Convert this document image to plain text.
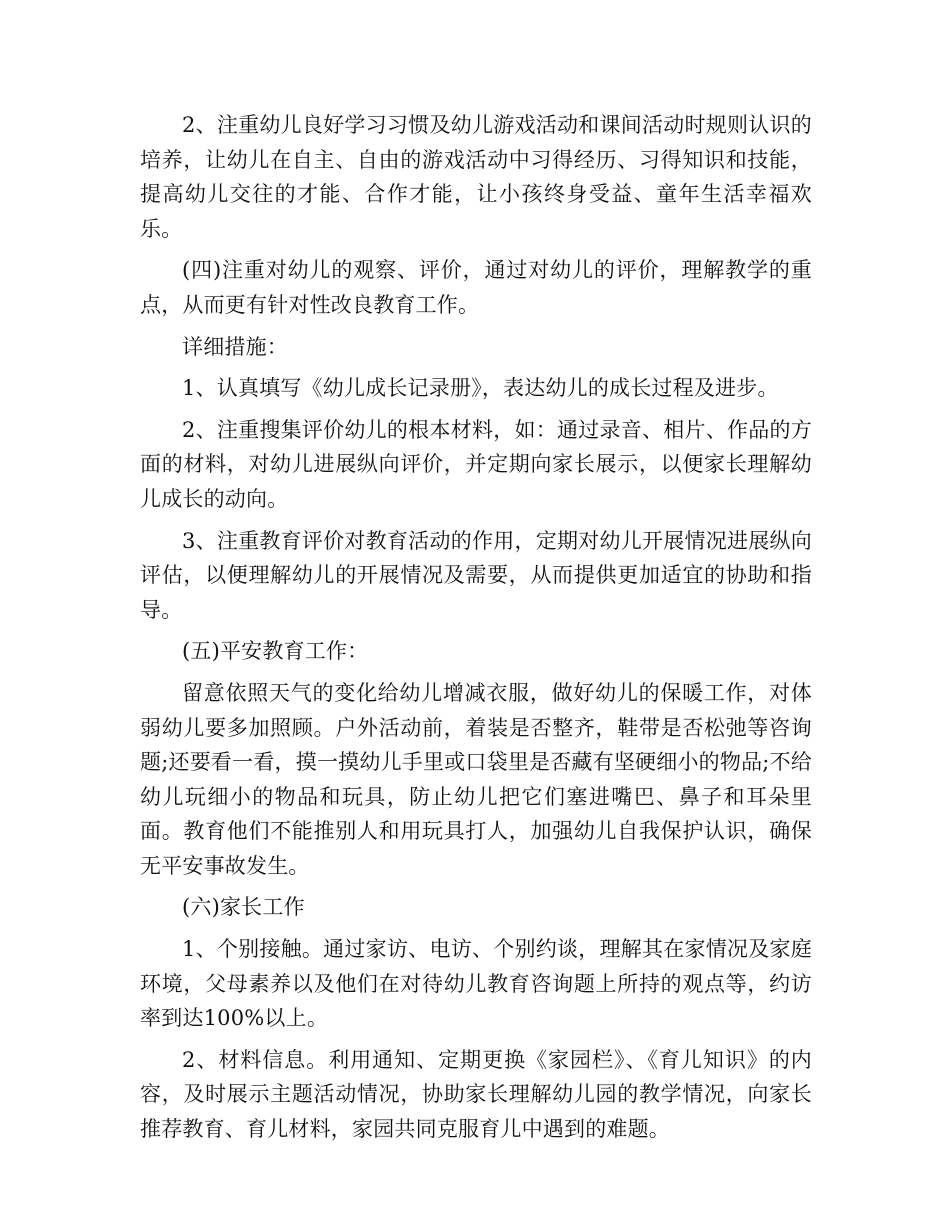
2、注重幼儿良好学习习惯及幼儿游戏活动和课间活动时规则认识的培养，让幼儿在自主、自由的游戏活动中习得经历、习得知识和技能，提高幼儿交往的才能、合作才能，让小孩终身受益、童年生活幸福欢乐。

(四)注重对幼儿的观察、评价，通过对幼儿的评价，理解教学的重点，从而更有针对性改良教育工作。

详细措施：

1、认真填写《幼儿成长记录册》，表达幼儿的成长过程及进步。

2、注重搜集评价幼儿的根本材料，如：通过录音、相片、作品的方面的材料，对幼儿进展纵向评价，并定期向家长展示，以便家长理解幼儿成长的动向。

3、注重教育评价对教育活动的作用，定期对幼儿开展情况进展纵向评估，以便理解幼儿的开展情况及需要，从而提供更加适宜的协助和指导。

(五)平安教育工作：

留意依照天气的变化给幼儿增减衣服，做好幼儿的保暖工作，对体弱幼儿要多加照顾。户外活动前，着装是否整齐，鞋带是否松弛等咨询题;还要看一看，摸一摸幼儿手里或口袋里是否藏有坚硬细小的物品;不给幼儿玩细小的物品和玩具，防止幼儿把它们塞进嘴巴、鼻子和耳朵里面。教育他们不能推别人和用玩具打人，加强幼儿自我保护认识，确保无平安事故发生。

(六)家长工作

1、个别接触。通过家访、电访、个别约谈，理解其在家情况及家庭环境，父母素养以及他们在对待幼儿教育咨询题上所持的观点等，约访率到达100%以上。

2、材料信息。利用通知、定期更换《家园栏》、《育儿知识》的内容，及时展示主题活动情况，协助家长理解幼儿园的教学情况，向家长推荐教育、育儿材料，家园共同克服育儿中遇到的难题。
